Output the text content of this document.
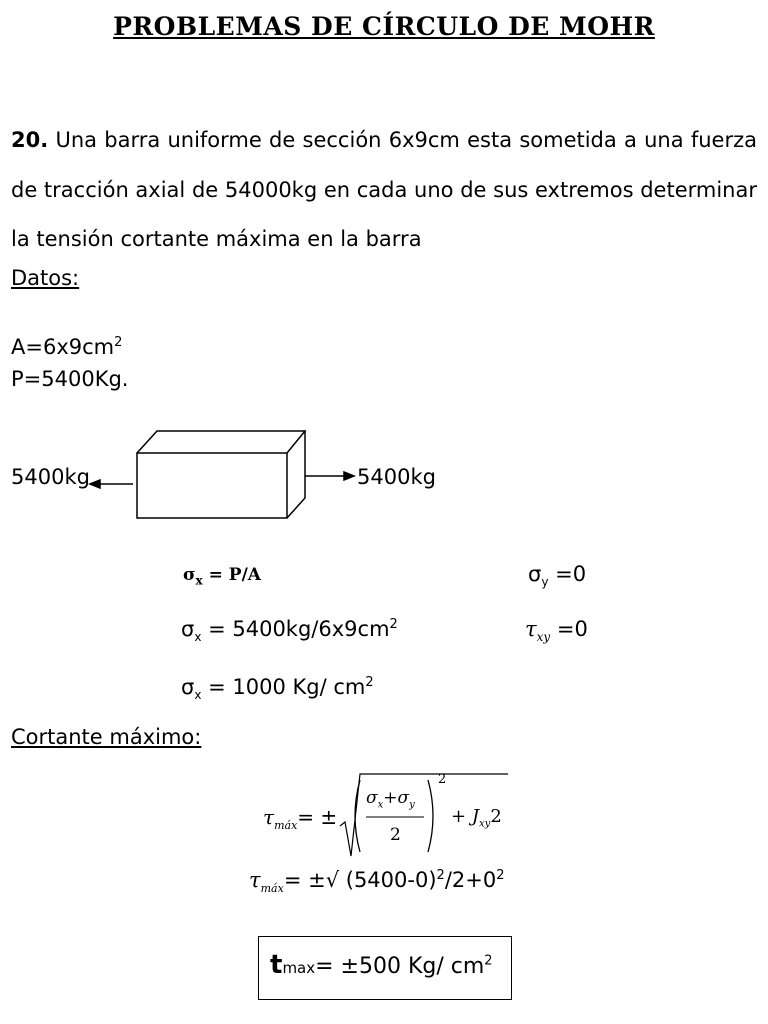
PROBLEMAS DE CÍRCULO DE MOHR
20. Una barra uniforme de sección 6x9cm esta sometida a una fuerza de tracción axial de 54000kg en cada uno de sus extremos determinar la tensión cortante máxima en la barra
Datos:
$A=6x9cm^2$
P=5400Kg.
5400kg	5400kg
$\sigma_x = P/A$	$\sigma_y =0$
$\sigma_x = 5400kg/6x9cm^2$	$\tau_{xy} =0$
$\sigma_x = 1000$ Kg/ $cm^2$
Cortante máximo:
$\tau_{máx}=$ ±
$\sigma_x+\sigma_y$
2
2
+ $J_{xy}2$
$\tau_{máx}=$ ±√ $(5400-0)^2/2+0^2$
tmax= ±500 Kg/ $cm^2$
